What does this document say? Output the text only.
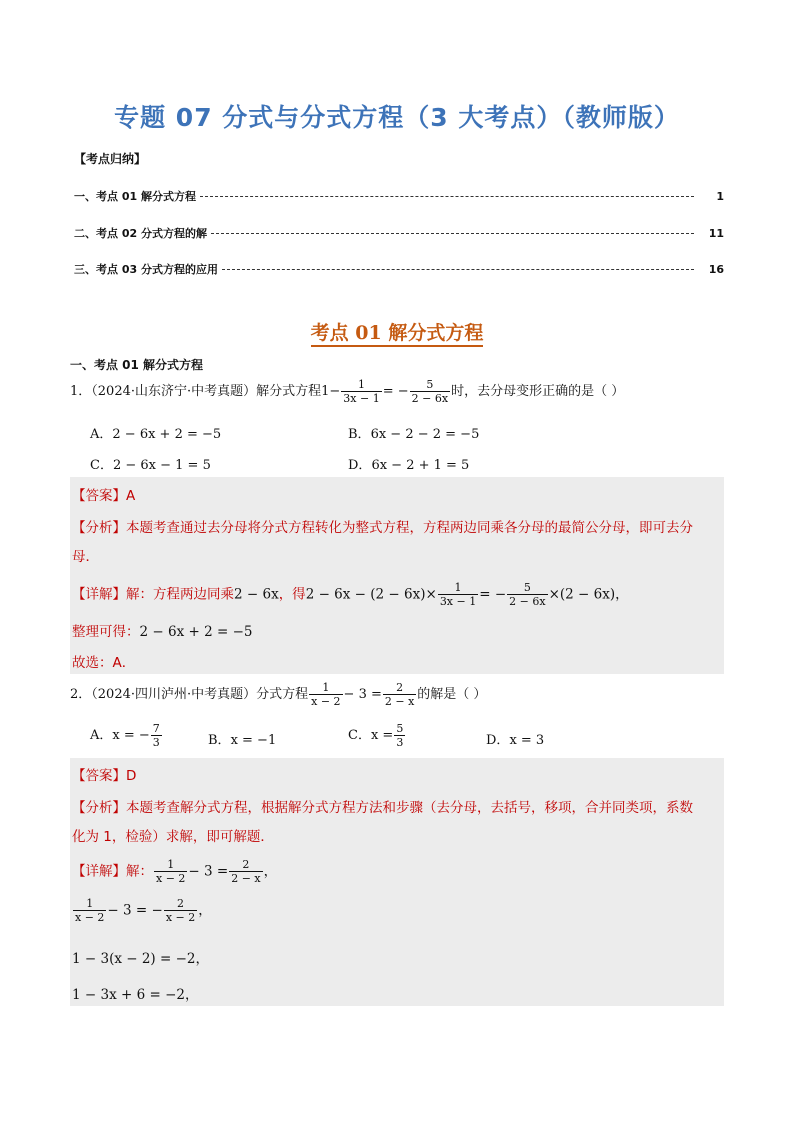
专题 07 分式与分式方程（3 大考点）（教师版）
【考点归纳】
一、考点 01 解分式方程	1
二、考点 02 分式方程的解	11
三、考点 03 分式方程的应用	16
考点 01 解分式方程
一、考点 01 解分式方程
1．（2024·山东济宁·中考真题）解分式方程$1- \frac{1}{3x - 1}$ = − $\frac{5}{2 - 6x}$ 时，去分母变形正确的是（ ）
A．2 − 6x + 2 = −5	B．6x − 2 − 2 = −5
C．2 − 6x − 1 = 5	D．6x − 2 + 1 = 5
【答案】A
【分析】本题考查通过去分母将分式方程转化为整式方程，方程两边同乘各分母的最简公分母，即可去分
母．
【详解】解：方程两边同乘2 − 6x，得$2 - 6x - (2 - 6x)\times \frac{1}{3x - 1}$ = − $\frac{5}{2 - 6x} \times(2 - 6x)$，
整理可得：2 − 6x + 2 = −5
故选：A．
2．（2024·四川泸州·中考真题）分式方程 $\frac{1}{x - 2} - 3 = \frac{2}{2 - x}$ 的解是（ ）
A．x = − $\frac{7}{3}$	B．x = −1	C．$x = \frac{5}{3}$	D．x = 3
【答案】D
【分析】本题考查解分式方程，根据解分式方程方法和步骤（去分母，去括号，移项，合并同类项，系数
化为 1，检验）求解，即可解题．
【详解】解： $\frac{1}{x - 2} - 3 = \frac{2}{2 - x}$ ，
$\frac{1}{x - 2} - 3$ = − $\frac{2}{x - 2}$ ，
1 − 3(x − 2) = −2，
1 − 3x + 6 = −2，
